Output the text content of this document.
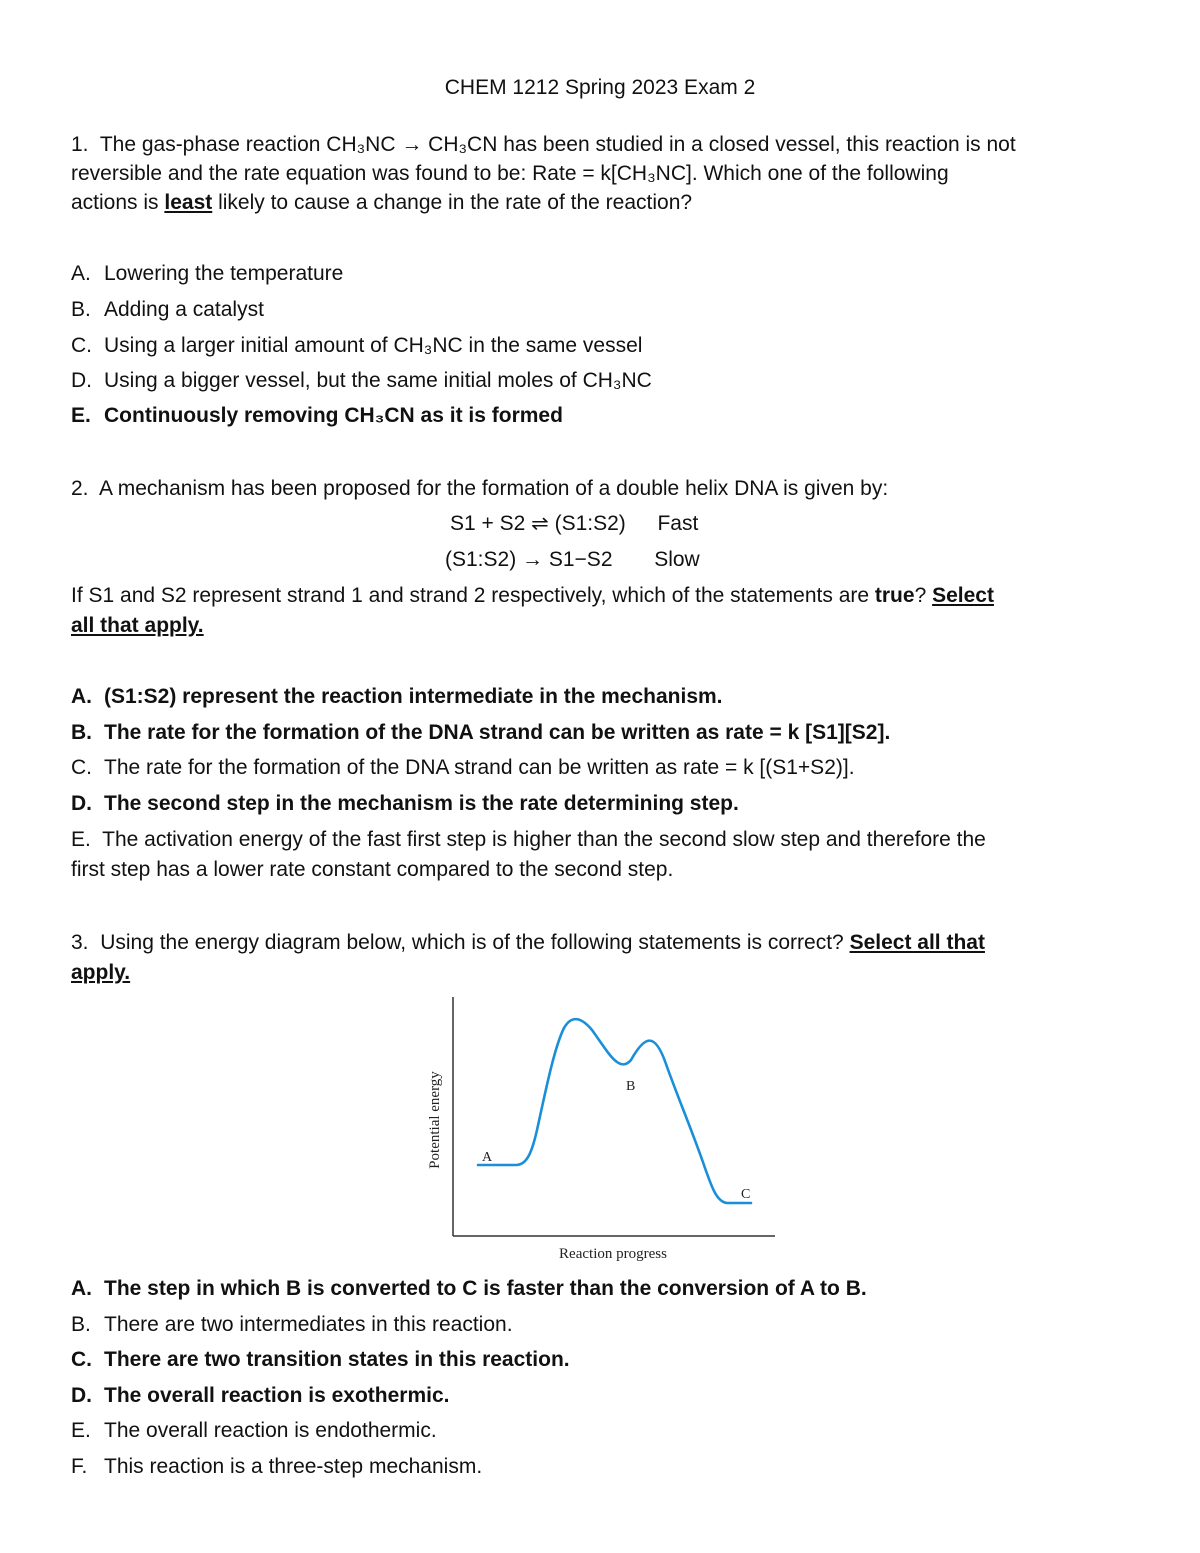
CHEM 1212 Spring 2023 Exam 2

1. The gas-phase reaction CH₃NC → CH₃CN has been studied in a closed vessel, this reaction is not

reversible and the rate equation was found to be: Rate = k[CH₃NC]. Which one of the following

actions is least likely to cause a change in the rate of the reaction?

A. Lowering the temperature

B. Adding a catalyst

C. Using a larger initial amount of CH₃NC in the same vessel

D. Using a bigger vessel, but the same initial moles of CH₃NC

E. Continuously removing CH₃CN as it is formed

2. A mechanism has been proposed for the formation of a double helix DNA is given by:

S1 + S2 ⇌ (S1:S2) Fast

(S1:S2) → S1−S2 Slow

If S1 and S2 represent strand 1 and strand 2 respectively, which of the statements are true? Select

all that apply.

A. (S1:S2) represent the reaction intermediate in the mechanism.

B. The rate for the formation of the DNA strand can be written as rate = k [S1][S2].

C. The rate for the formation of the DNA strand can be written as rate = k [(S1+S2)].

D. The second step in the mechanism is the rate determining step.

E. The activation energy of the fast first step is higher than the second slow step and therefore the

first step has a lower rate constant compared to the second step.

3. Using the energy diagram below, which is of the following statements is correct? Select all that

apply.

Potential energy
Reaction progress
A
B
C

A. The step in which B is converted to C is faster than the conversion of A to B.

B. There are two intermediates in this reaction.

C. There are two transition states in this reaction.

D. The overall reaction is exothermic.

E. The overall reaction is endothermic.

F. This reaction is a three-step mechanism.
